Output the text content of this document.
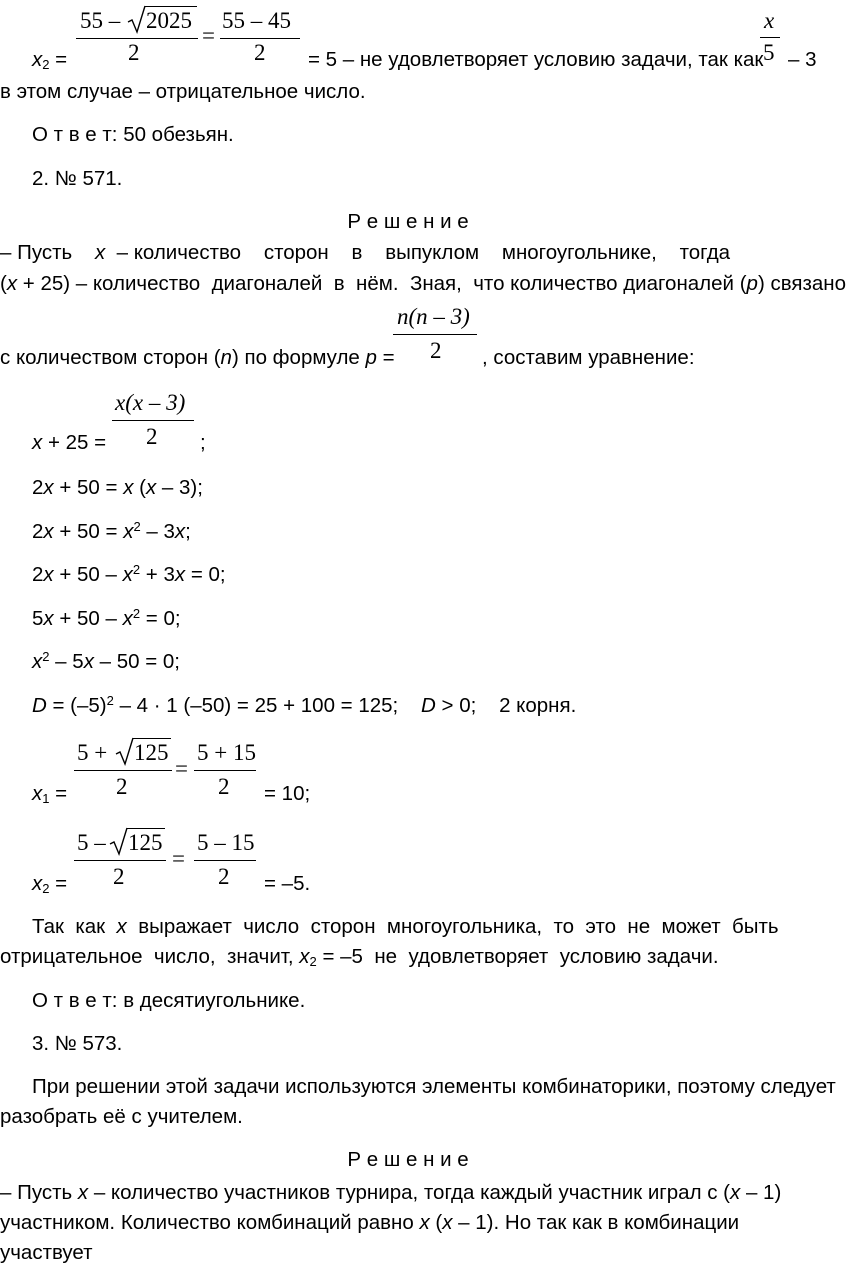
55 – 2025
2
=
55 – 45
2
$x_2$ =	= 5 – не удовлетворяет условию задачи, так как
x
5 – 3
в этом случае – отрицательное число.
О т в е т: 50 обезьян.
2. № 571.
Р е ш е н и е
– Пусть    x  – количество    сторон    в    выпуклом    многоугольнике,    тогда
(x + 25) – количество  диагоналей  в  нём.  Зная,  что количество диагоналей (p) связано
n(n – 3)
2
с количеством сторон (n) по формуле p =	, составим уравнение:
x(x – 3)
2
x + 25 =	;
2x + 50 = x (x – 3);
$2x + 50 = x^2 - 3x$;
$2x + 50 - x^2 + 3x = 0$;
$5x + 50 - x^2 = 0$;
$x^2 - 5x - 50 = 0$;
$D = (-5)^2 - 4 \cdot 1$ (–50) = 25 + 100 = 125;    D > 0;    2 корня.
5 + 125
2
=
5 + 15
2
$x_1$ =	= 10;
5 – 125
2
=
5 – 15
2
$x_2$ =	= –5.
Так  как  x  выражает  число  сторон  многоугольника,  то  это  не  может  быть
отрицательное  число,  значит, $x_2 = -5$  не  удовлетворяет  условию задачи.
О т в е т: в десятиугольнике.
3. № 573.
При решении этой задачи используются элементы комбинаторики, поэтому следует
разобрать её с учителем.
Р е ш е н и е
– Пусть x – количество участников турнира, тогда каждый участник играл с (x – 1)
участником. Количество комбинаций равно x (x – 1). Но так как в комбинации
участвует
